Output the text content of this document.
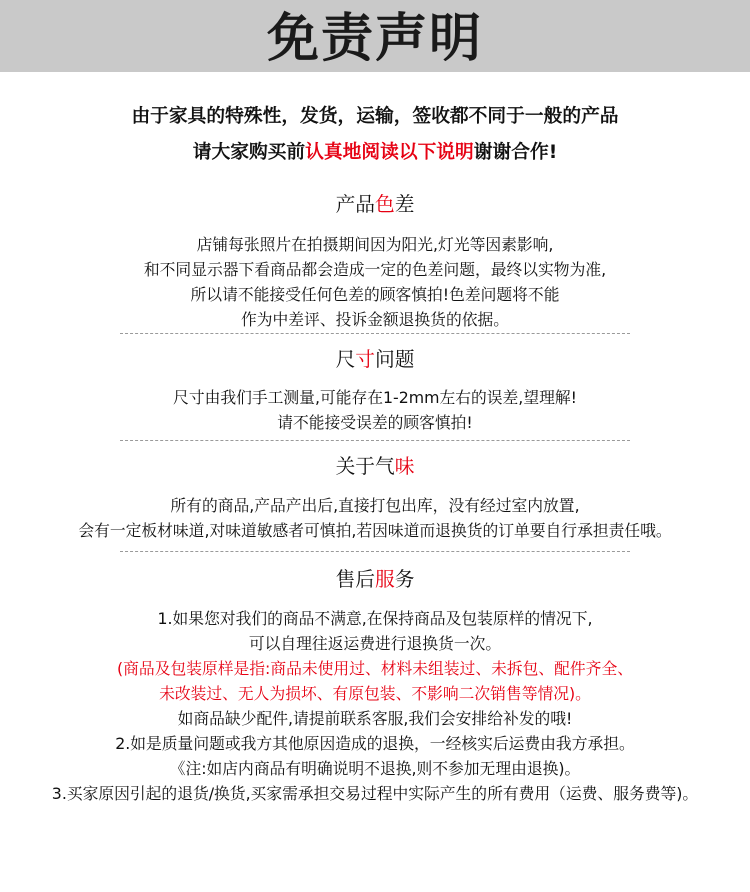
免责声明
由于家具的特殊性，发货，运输，签收都不同于一般的产品
请大家购买前认真地阅读以下说明谢谢合作!
产品色差
店铺每张照片在拍摄期间因为阳光,灯光等因素影响,
和不同显示器下看商品都会造成一定的色差问题，最终以实物为准,
所以请不能接受任何色差的顾客慎拍!色差问题将不能
作为中差评、投诉金额退换货的依据。
尺寸问题
尺寸由我们手工测量,可能存在1-2mm左右的误差,望理解!
请不能接受误差的顾客慎拍!
关于气味
所有的商品,产品产出后,直接打包出库，没有经过室内放置,
会有一定板材味道,对味道敏感者可慎拍,若因味道而退换货的订单要自行承担责任哦。
售后服务
1.如果您对我们的商品不满意,在保持商品及包装原样的情况下,
可以自理往返运费进行退换货一次。
(商品及包装原样是指:商品未使用过、材料未组装过、未拆包、配件齐全、
未改装过、无人为损坏、有原包装、不影响二次销售等情况)。
如商品缺少配件,请提前联系客服,我们会安排给补发的哦!
2.如是质量问题或我方其他原因造成的退换，一经核实后运费由我方承担。
《注:如店内商品有明确说明不退换,则不参加无理由退换)。
3.买家原因引起的退货/换货,买家需承担交易过程中实际产生的所有费用（运费、服务费等)。
